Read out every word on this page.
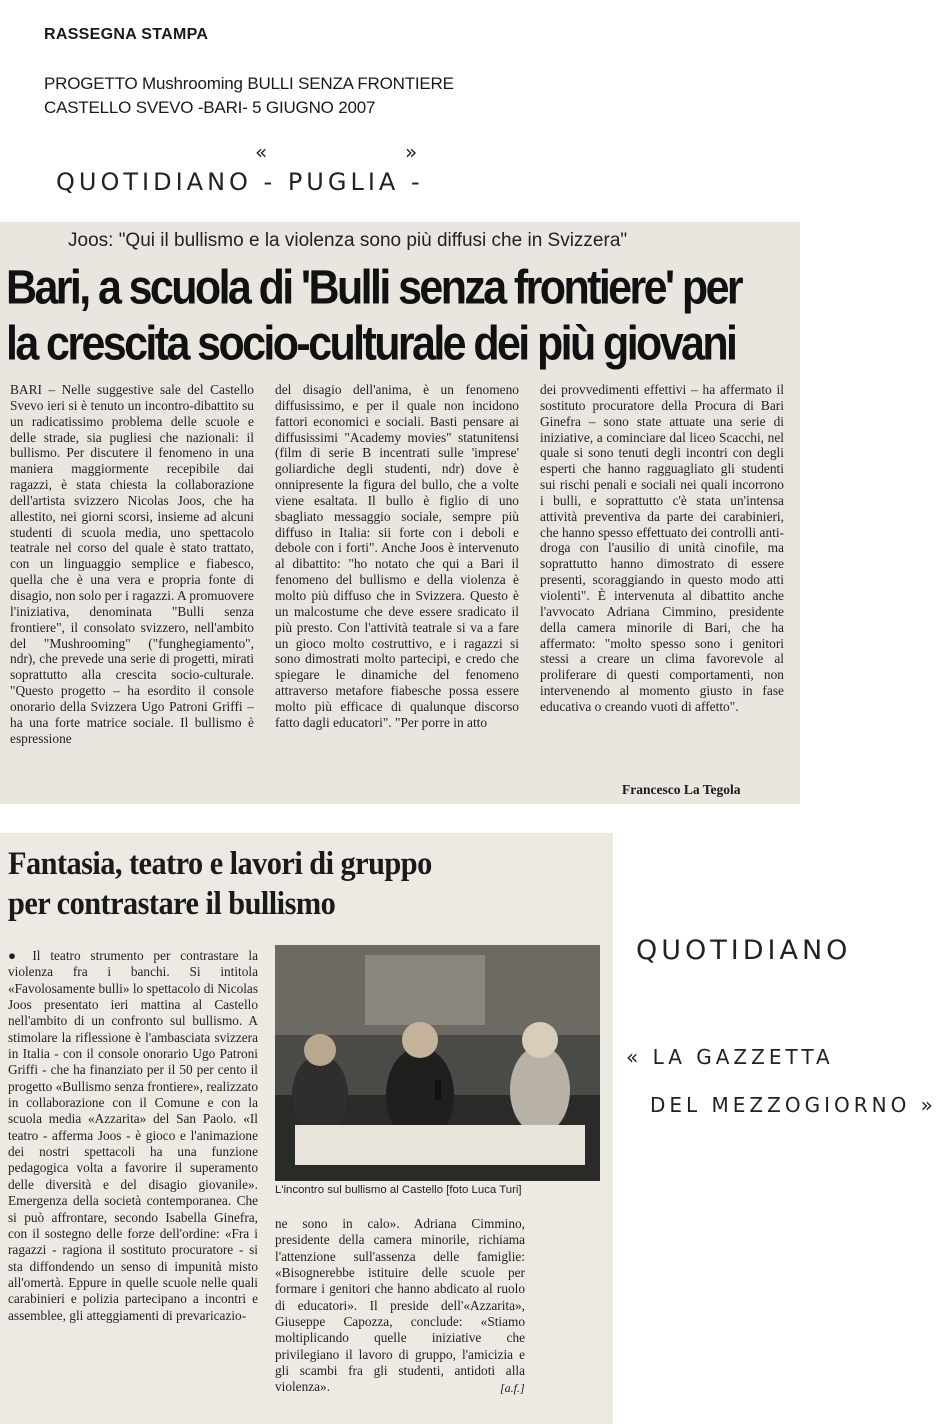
RASSEGNA STAMPA
PROGETTO Mushrooming BULLI SENZA FRONTIERE
CASTELLO SVEVO -BARI- 5 GIUGNO 2007
«	»
QUOTIDIANO - PUGLIA -
Joos: "Qui il bullismo e la violenza sono più diffusi che in Svizzera"
Bari, a scuola di 'Bulli senza frontiere' per
la crescita socio-culturale dei più giovani

BARI – Nelle suggestive sale del Castello Svevo ieri si è tenuto un incontro-dibattito su un radicatissimo problema delle scuole e delle strade, sia pugliesi che nazionali: il bullismo. Per discutere il fenomeno in una maniera maggiormente recepibile dai ragazzi, è stata chiesta la collaborazione dell'artista svizzero Nicolas Joos, che ha allestito, nei giorni scorsi, insieme ad alcuni studenti di scuola media, uno spettacolo teatrale nel corso del quale è stato trattato, con un linguaggio semplice e fiabesco, quella che è una vera e propria fonte di disagio, non solo per i ragazzi. A promuovere l'iniziativa, denominata "Bulli senza frontiere", il consolato svizzero, nell'ambito del "Mushrooming" ("funghegiamento", ndr), che prevede una serie di progetti, mirati soprattutto alla crescita socio-culturale. "Questo progetto – ha esordito il console onorario della Svizzera Ugo Patroni Griffi – ha una forte matrice sociale. Il bullismo è espressione

del disagio dell'anima, è un fenomeno diffusissimo, e per il quale non incidono fattori economici e sociali. Basti pensare ai diffusissimi "Academy movies" statunitensi (film di serie B incentrati sulle 'imprese' goliardiche degli studenti, ndr) dove è onnipresente la figura del bullo, che a volte viene esaltata. Il bullo è figlio di uno sbagliato messaggio sociale, sempre più diffuso in Italia: sii forte con i deboli e debole con i forti". Anche Joos è intervenuto al dibattito: "ho notato che qui a Bari il fenomeno del bullismo e della violenza è molto più diffuso che in Svizzera. Questo è un malcostume che deve essere sradicato il più presto. Con l'attività teatrale si va a fare un gioco molto costruttivo, e i ragazzi si sono dimostrati molto partecipi, e credo che spiegare le dinamiche del fenomeno attraverso metafore fiabesche possa essere molto più efficace di qualunque discorso fatto dagli educatori". "Per porre in atto

dei provvedimenti effettivi – ha affermato il sostituto procuratore della Procura di Bari Ginefra – sono state attuate una serie di iniziative, a cominciare dal liceo Scacchi, nel quale si sono tenuti degli incontri con degli esperti che hanno ragguagliato gli studenti sui rischi penali e sociali nei quali incorrono i bulli, e soprattutto c'è stata un'intensa attività preventiva da parte dei carabinieri, che hanno spesso effettuato dei controlli anti-droga con l'ausilio di unità cinofile, ma soprattutto hanno dimostrato di essere presenti, scoraggiando in questo modo atti violenti". È intervenuta al dibattito anche l'avvocato Adriana Cimmino, presidente della camera minorile di Bari, che ha affermato: "molto spesso sono i genitori stessi a creare un clima favorevole al proliferare di questi comportamenti, non intervenendo al momento giusto in fase educativa o creando vuoti di affetto".

Francesco La Tegola
Fantasia, teatro e lavori di gruppo
per contrastare il bullismo

● Il teatro strumento per contrastare la violenza fra i banchi. Si intitola «Favolosamente bulli» lo spettacolo di Nicolas Joos presentato ieri mattina al Castello nell'ambito di un confronto sul bullismo. A stimolare la riflessione è l'ambasciata svizzera in Italia - con il console onorario Ugo Patroni Griffi - che ha finanziato per il 50 per cento il progetto «Bullismo senza frontiere», realizzato in collaborazione con il Comune e con la scuola media «Azzarita» del San Paolo. «Il teatro - afferma Joos - è gioco e l'animazione dei nostri spettacoli ha una funzione pedagogica volta a favorire il superamento delle diversità e del disagio giovanile». Emergenza della società contemporanea. Che si può affrontare, secondo Isabella Ginefra, con il sostegno delle forze dell'ordine: «Fra i ragazzi - ragiona il sostituto procuratore - si sta diffondendo un senso di impunità misto all'omertà. Eppure in quelle scuole nelle quali carabinieri e polizia partecipano a incontri e assemblee, gli atteggiamenti di prevaricazio-

L'incontro sul bullismo al Castello [foto Luca Turi]

ne sono in calo». Adriana Cimmino, presidente della camera minorile, richiama l'attenzione sull'assenza delle famiglie: «Bisognerebbe istituire delle scuole per formare i genitori che hanno abdicato al ruolo di educatori». Il preside dell'«Azzarita», Giuseppe Capozza, conclude: «Stiamo moltiplicando quelle iniziative che privilegiano il lavoro di gruppo, l'amicizia e gli scambi fra gli studenti, antidoti alla violenza».	[a.f.]
QUOTIDIANO
« LA GAZZETTA
DEL MEZZOGIORNO »
